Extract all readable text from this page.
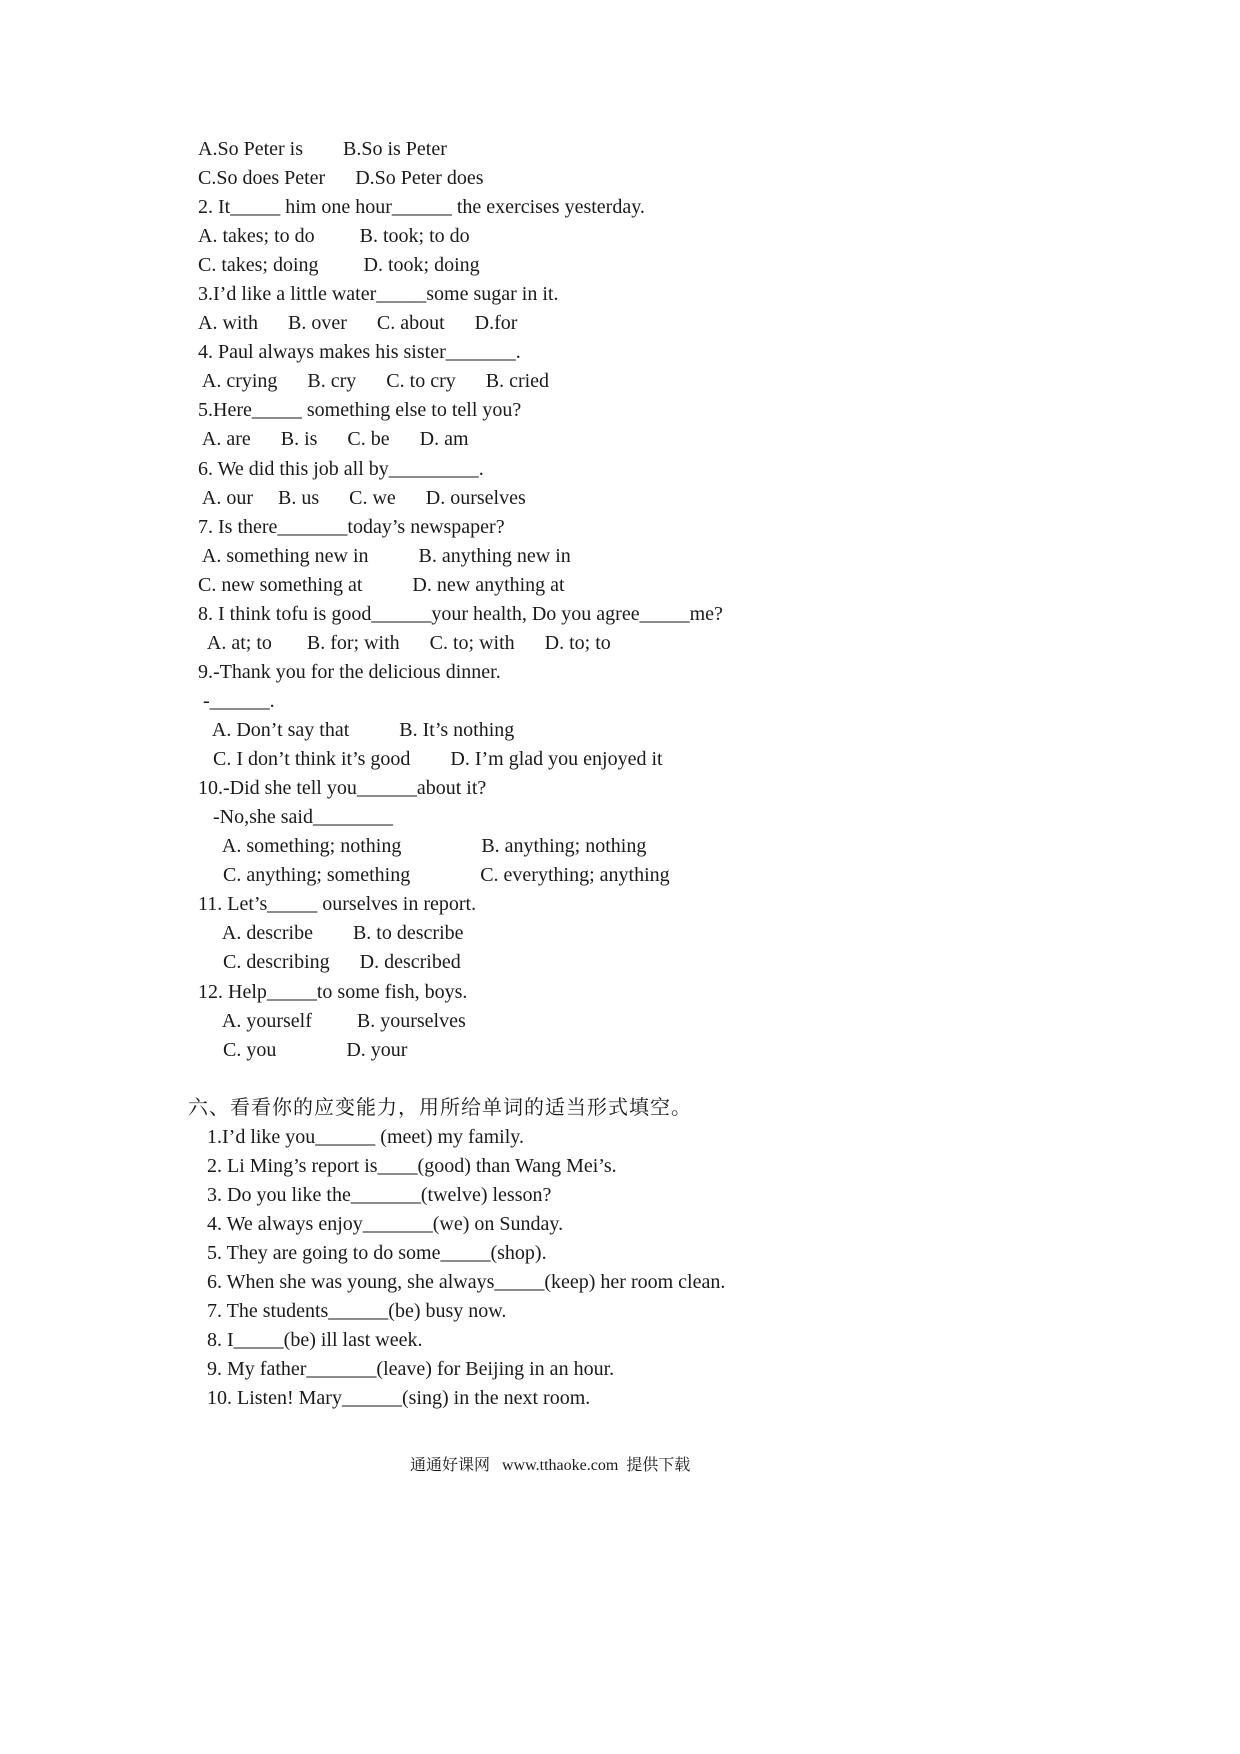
A.So Peter is        B.So is Peter
C.So does Peter      D.So Peter does
2. It_____ him one hour______ the exercises yesterday.
A. takes; to do         B. took; to do
C. takes; doing         D. took; doing
3.I’d like a little water_____some sugar in it.
A. with      B. over      C. about      D.for
4. Paul always makes his sister_______.
A. crying      B. cry      C. to cry      B. cried
5.Here_____ something else to tell you?
A. are      B. is      C. be      D. am
6. We did this job all by_________.
A. our     B. us      C. we      D. ourselves
7. Is there_______today’s newspaper?
A. something new in          B. anything new in
C. new something at          D. new anything at
8. I think tofu is good______your health, Do you agree_____me?
A. at; to       B. for; with      C. to; with      D. to; to
9.-Thank you for the delicious dinner.
-______.
A. Don’t say that          B. It’s nothing
C. I don’t think it’s good        D. I’m glad you enjoyed it
10.-Did she tell you______about it?
-No,she said________
A. something; nothing                B. anything; nothing
C. anything; something              C. everything; anything
11. Let’s_____ ourselves in report.
A. describe        B. to describe
C. describing      D. described
12. Help_____to some fish, boys.
A. yourself         B. yourselves
C. you              D. your
六、看看你的应变能力，用所给单词的适当形式填空。
1.I’d like you______ (meet) my family.
2. Li Ming’s report is____(good) than Wang Mei’s.
3. Do you like the_______(twelve) lesson?
4. We always enjoy_______(we) on Sunday.
5. They are going to do some_____(shop).
6. When she was young, she always_____(keep) her room clean.
7. The students______(be) busy now.
8. I_____(be) ill last week.
9. My father_______(leave) for Beijing in an hour.
10. Listen! Mary______(sing) in the next room.
通通好课网   www.tthaoke.com  提供下载
